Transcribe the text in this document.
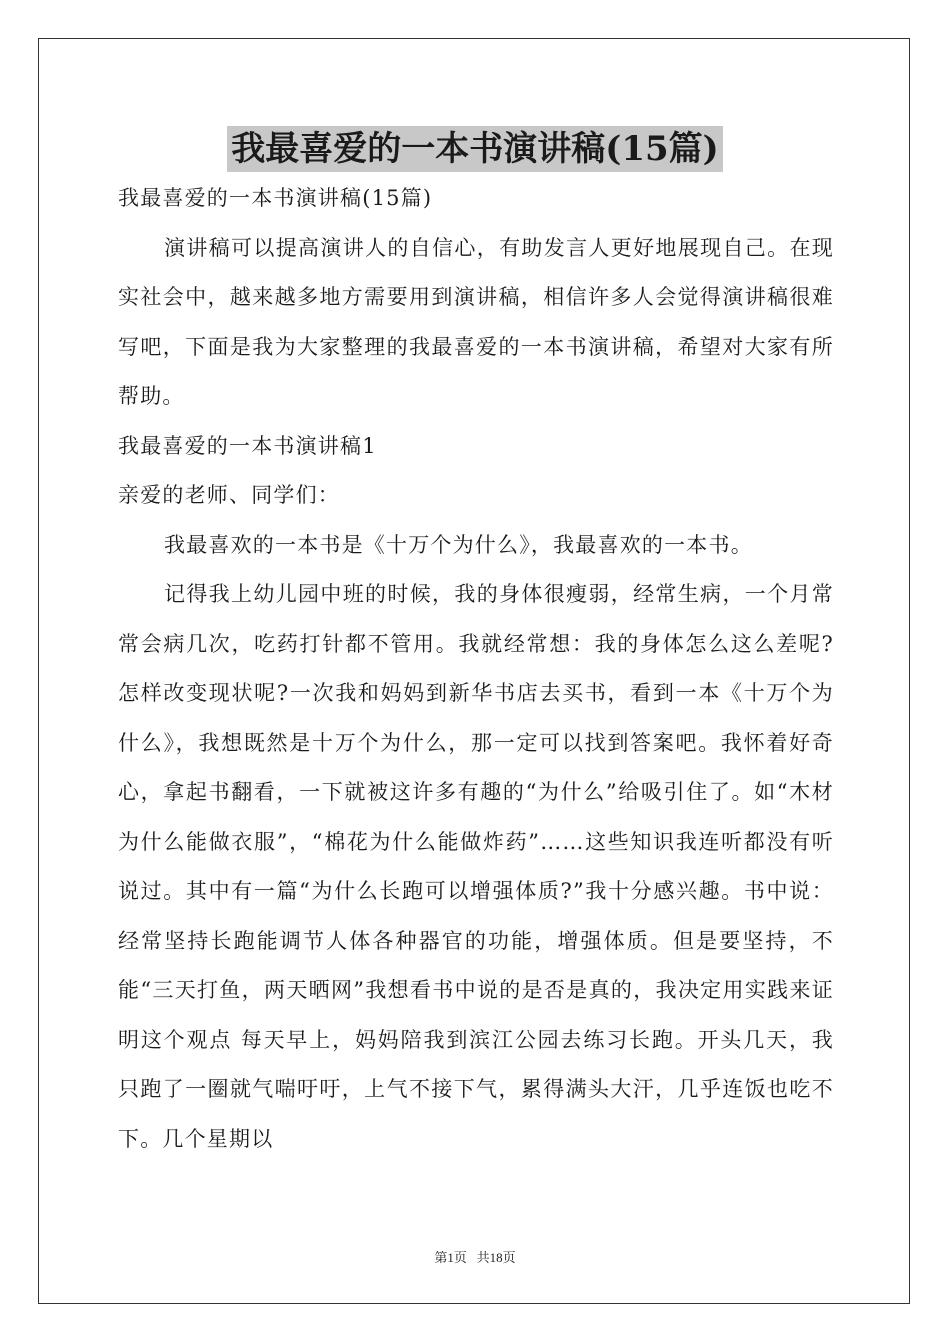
我最喜爱的一本书演讲稿(15篇)

我最喜爱的一本书演讲稿(15篇)

演讲稿可以提高演讲人的自信心，有助发言人更好地展现自己。在现实社会中，越来越多地方需要用到演讲稿，相信许多人会觉得演讲稿很难写吧，下面是我为大家整理的我最喜爱的一本书演讲稿，希望对大家有所帮助。

我最喜爱的一本书演讲稿1

亲爱的老师、同学们：

我最喜欢的一本书是《十万个为什么》，我最喜欢的一本书。

记得我上幼儿园中班的时候，我的身体很瘦弱，经常生病，一个月常常会病几次，吃药打针都不管用。我就经常想：我的身体怎么这么差呢?怎样改变现状呢?一次我和妈妈到新华书店去买书，看到一本《十万个为什么》，我想既然是十万个为什么，那一定可以找到答案吧。我怀着好奇心，拿起书翻看，一下就被这许多有趣的“为什么”给吸引住了。如“木材为什么能做衣服”，“棉花为什么能做炸药”……这些知识我连听都没有听说过。其中有一篇“为什么长跑可以增强体质?”我十分感兴趣。书中说：经常坚持长跑能调节人体各种器官的功能，增强体质。但是要坚持，不能“三天打鱼，两天晒网”我想看书中说的是否是真的，我决定用实践来证明这个观点 每天早上，妈妈陪我到滨江公园去练习长跑。开头几天，我只跑了一圈就气喘吁吁，上气不接下气，累得满头大汗，几乎连饭也吃不下。几个星期以

第1页   共18页
